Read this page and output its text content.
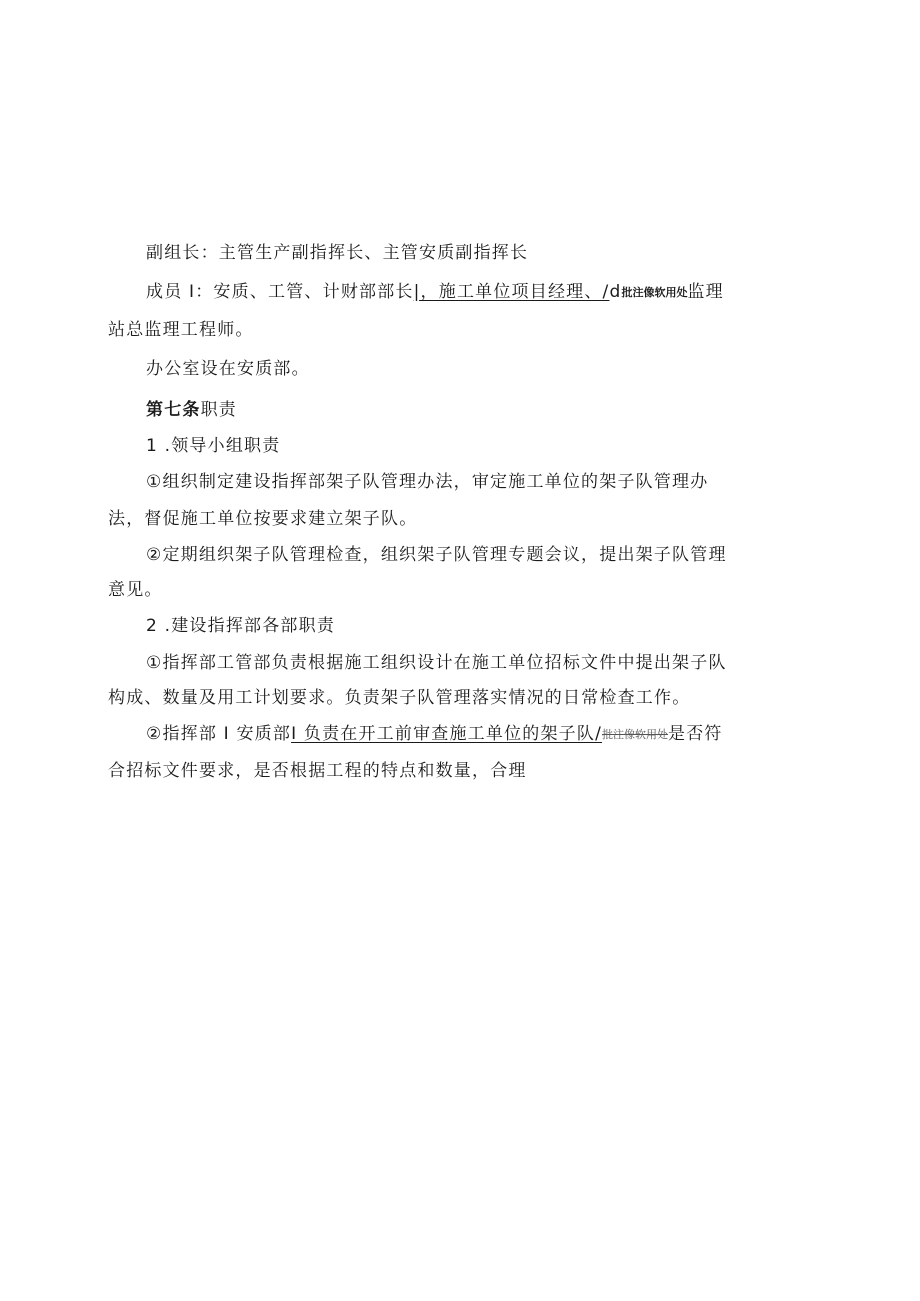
副组长：主管生产副指挥长、主管安质副指挥长
成员 I：安质、工管、计财部部长|，施工单位项目经理、/d批注像软用处监理
站总监理工程师。
办公室设在安质部。
第七条职责
1 .领导小组职责
①组织制定建设指挥部架子队管理办法，审定施工单位的架子队管理办
法，督促施工单位按要求建立架子队。
②定期组织架子队管理检查，组织架子队管理专题会议，提出架子队管理
意见。
2 .建设指挥部各部职责
①指挥部工管部负责根据施工组织设计在施工单位招标文件中提出架子队
构成、数量及用工计划要求。负责架子队管理落实情况的日常检查工作。
②指挥部 I 安质部I 负责在开工前审查施工单位的架子队/批注像软用处是否符
合招标文件要求，是否根据工程的特点和数量，合理
